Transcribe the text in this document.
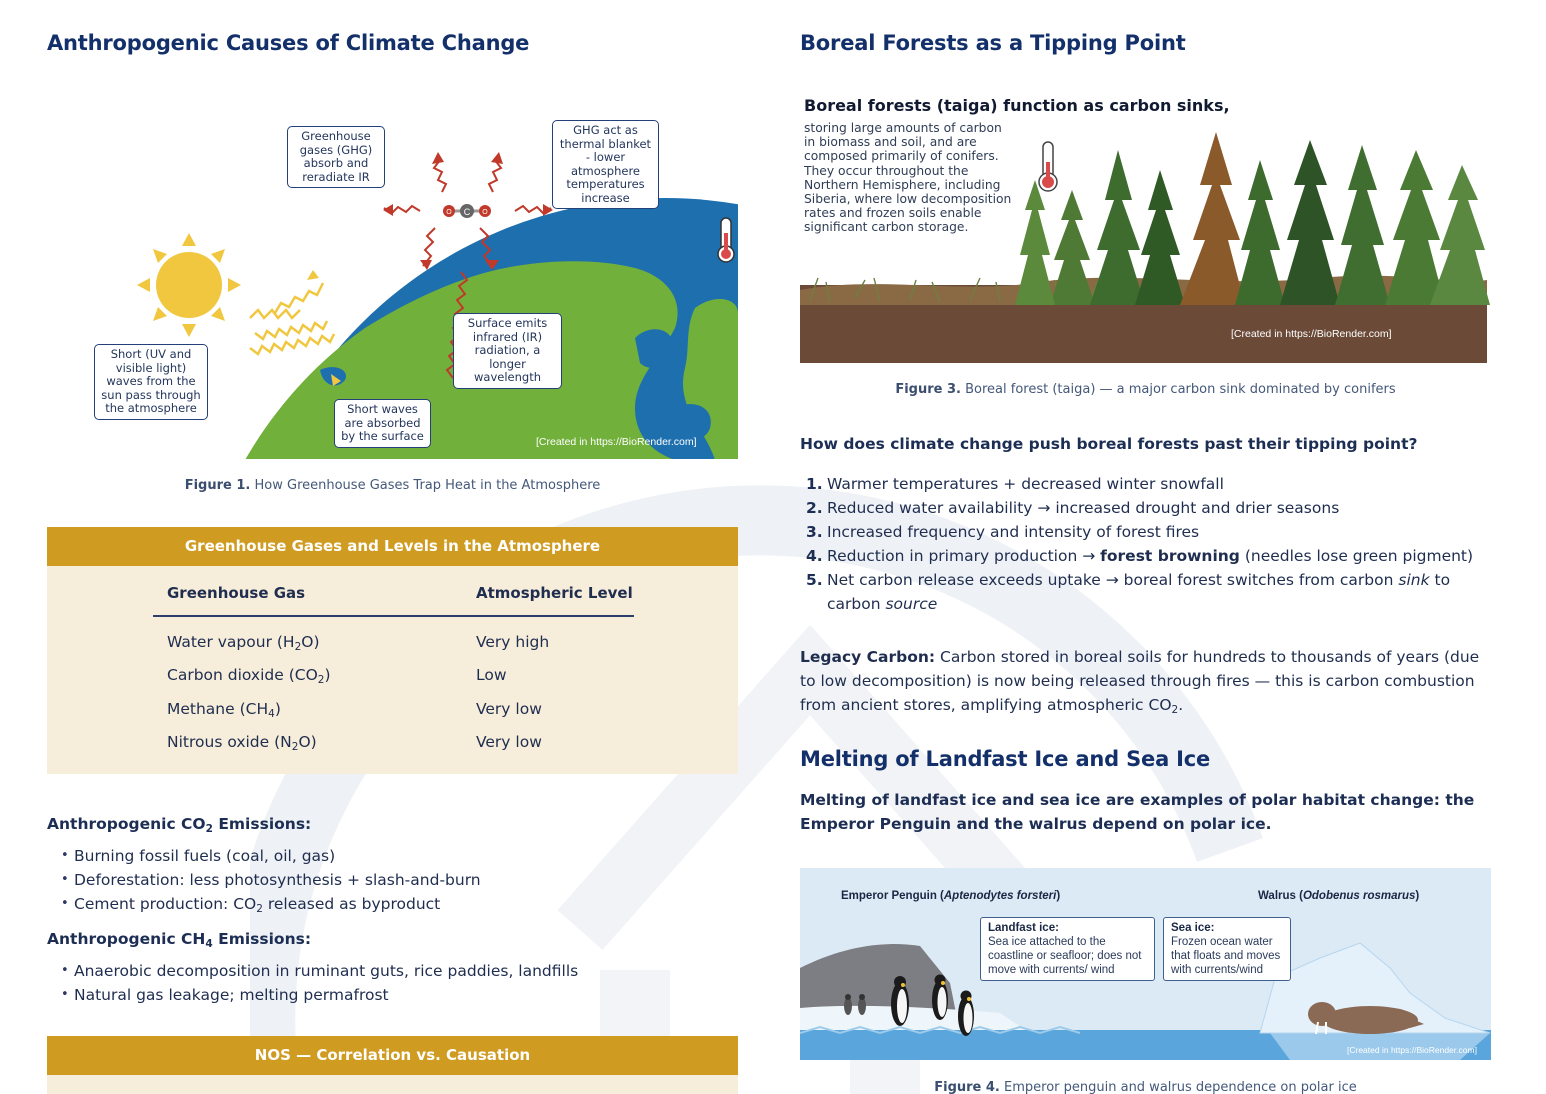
Anthropogenic Causes of Climate Change
C
O	O
Greenhouse gases (GHG) absorb and reradiate IR
GHG act as thermal blanket - lower atmosphere temperatures increase
Short (UV and visible light) waves from the sun pass through the atmosphere
Surface emits infrared (IR) radiation, a longer wavelength
Short waves are absorbed by the surface	[Created in https://BioRender.com]
Figure 1. How Greenhouse Gases Trap Heat in the Atmosphere
Greenhouse Gases and Levels in the Atmosphere
Greenhouse Gas	Atmospheric Level
Water vapour $(H_2O)$	Very high
Carbon dioxide $(CO_2)$	Low
Methane $(CH_4)$	Very low
Nitrous oxide $(N_2O)$	Very low
Anthropogenic $CO_2$ Emissions:
• Burning fossil fuels (coal, oil, gas)
• Deforestation: less photosynthesis + slash-and-burn
• Cement production: $CO_2$ released as byproduct
Anthropogenic $CH_4$ Emissions:
• Anaerobic decomposition in ruminant guts, rice paddies, landfills
• Natural gas leakage; melting permafrost
NOS — Correlation vs. Causation
Boreal Forests as a Tipping Point
Boreal forests (taiga) function as carbon sinks,
storing large amounts of carbon in biomass and soil, and are composed primarily of conifers. They occur throughout the Northern Hemisphere, including Siberia, where low decomposition rates and frozen soils enable significant carbon storage.
[Created in https://BioRender.com]
Figure 3. Boreal forest (taiga) — a major carbon sink dominated by conifers
How does climate change push boreal forests past their tipping point?
1. Warmer temperatures + decreased winter snowfall
2. Reduced water availability → increased drought and drier seasons
3. Increased frequency and intensity of forest fires
4. Reduction in primary production → forest browning (needles lose green pigment)
5. Net carbon release exceeds uptake → boreal forest switches from carbon sink to carbon source
Legacy Carbon: Carbon stored in boreal soils for hundreds to thousands of years (due to low decomposition) is now being released through fires — this is carbon combustion from ancient stores, amplifying atmospheric $CO_2$.
Melting of Landfast Ice and Sea Ice
Melting of landfast ice and sea ice are examples of polar habitat change: the Emperor Penguin and the walrus depend on polar ice.
Emperor Penguin (Aptenodytes forsteri)	Walrus (Odobenus rosmarus)
Landfast ice:
Sea ice attached to the coastline or seafloor; does not move with currents/ wind
Sea ice:
Frozen ocean water that floats and moves with currents/wind
[Created in https://BioRender.com]
Figure 4. Emperor penguin and walrus dependence on polar ice
